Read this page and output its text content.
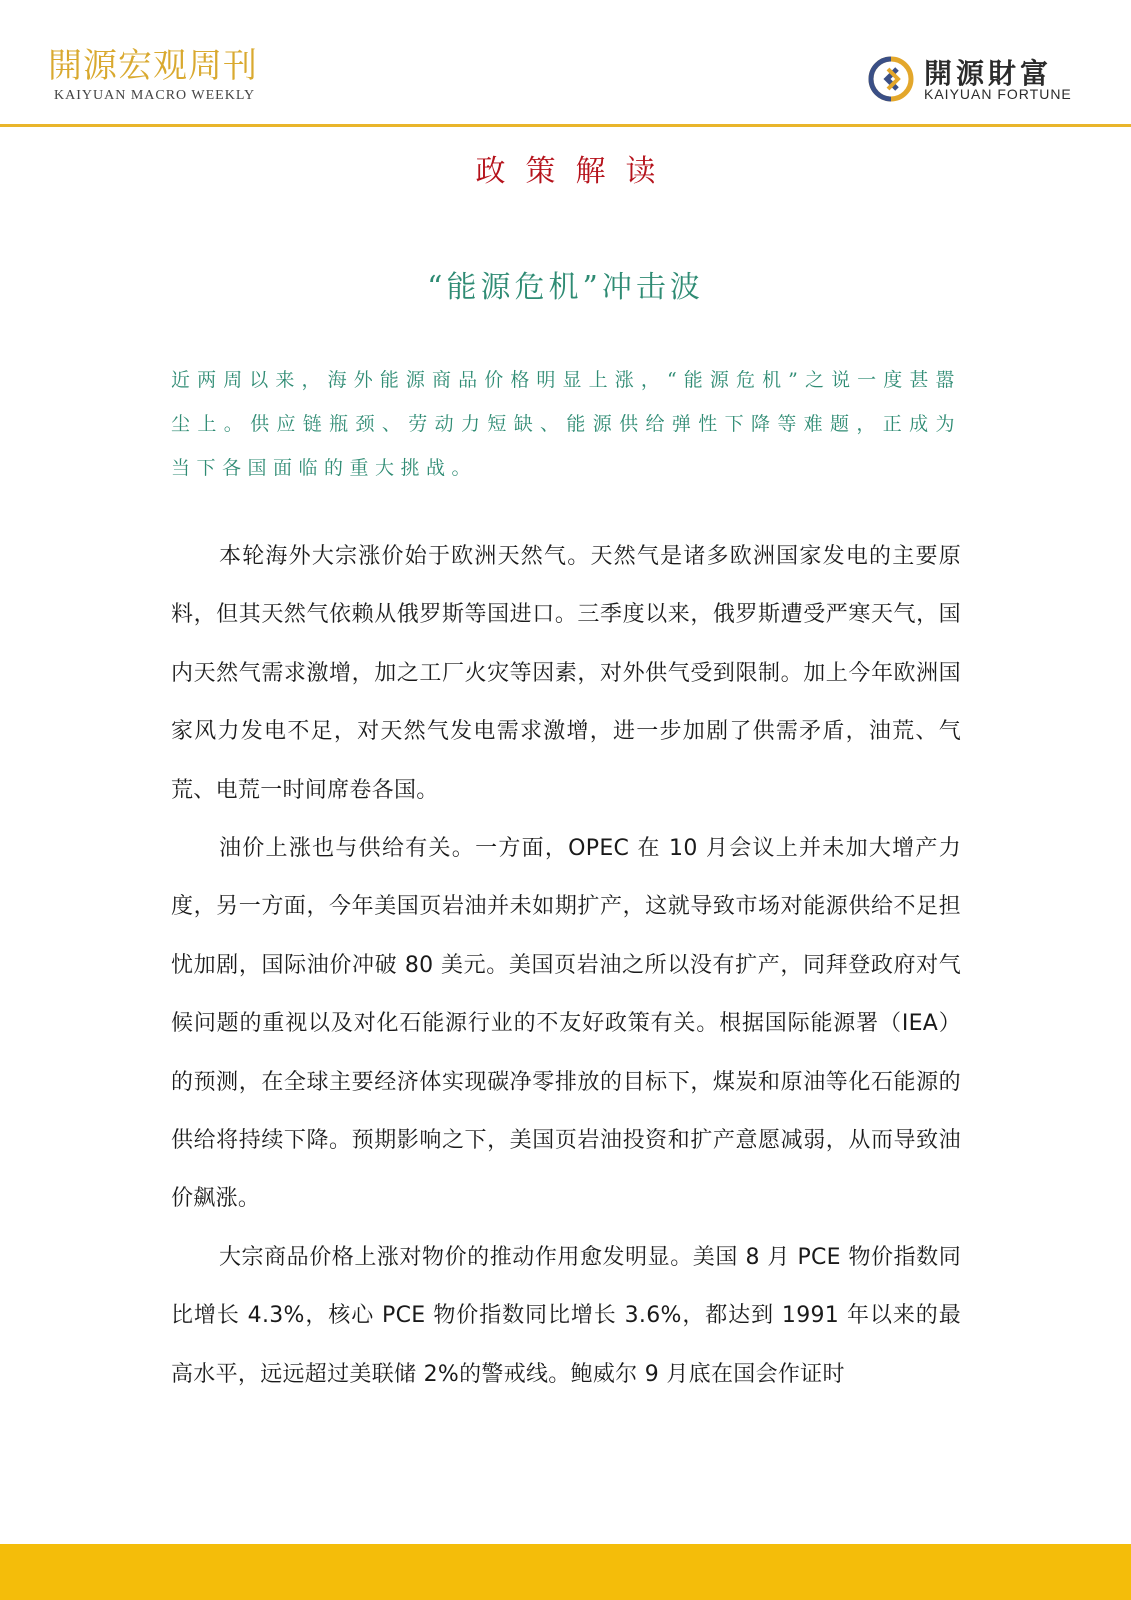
開源宏观周刊
KAIYUAN MACRO WEEKLY
開源財富
KAIYUAN FORTUNE
政策解读
“能源危机”冲击波

近两周以来，海外能源商品价格明显上涨，“能源危机”之说一度甚嚣尘上。供应链瓶颈、劳动力短缺、能源供给弹性下降等难题，正成为当下各国面临的重大挑战。

本轮海外大宗涨价始于欧洲天然气。天然气是诸多欧洲国家发电的主要原料，但其天然气依赖从俄罗斯等国进口。三季度以来，俄罗斯遭受严寒天气，国内天然气需求激增，加之工厂火灾等因素，对外供气受到限制。加上今年欧洲国家风力发电不足，对天然气发电需求激增，进一步加剧了供需矛盾，油荒、气荒、电荒一时间席卷各国。

油价上涨也与供给有关。一方面，OPEC 在 10 月会议上并未加大增产力度，另一方面，今年美国页岩油并未如期扩产，这就导致市场对能源供给不足担忧加剧，国际油价冲破 80 美元。美国页岩油之所以没有扩产，同拜登政府对气候问题的重视以及对化石能源行业的不友好政策有关。根据国际能源署（IEA）的预测，在全球主要经济体实现碳净零排放的目标下，煤炭和原油等化石能源的供给将持续下降。预期影响之下，美国页岩油投资和扩产意愿减弱，从而导致油价飙涨。

大宗商品价格上涨对物价的推动作用愈发明显。美国 8 月 PCE 物价指数同比增长 4.3%，核心 PCE 物价指数同比增长 3.6%，都达到 1991 年以来的最高水平，远远超过美联储 2%的警戒线。鲍威尔 9 月底在国会作证时
